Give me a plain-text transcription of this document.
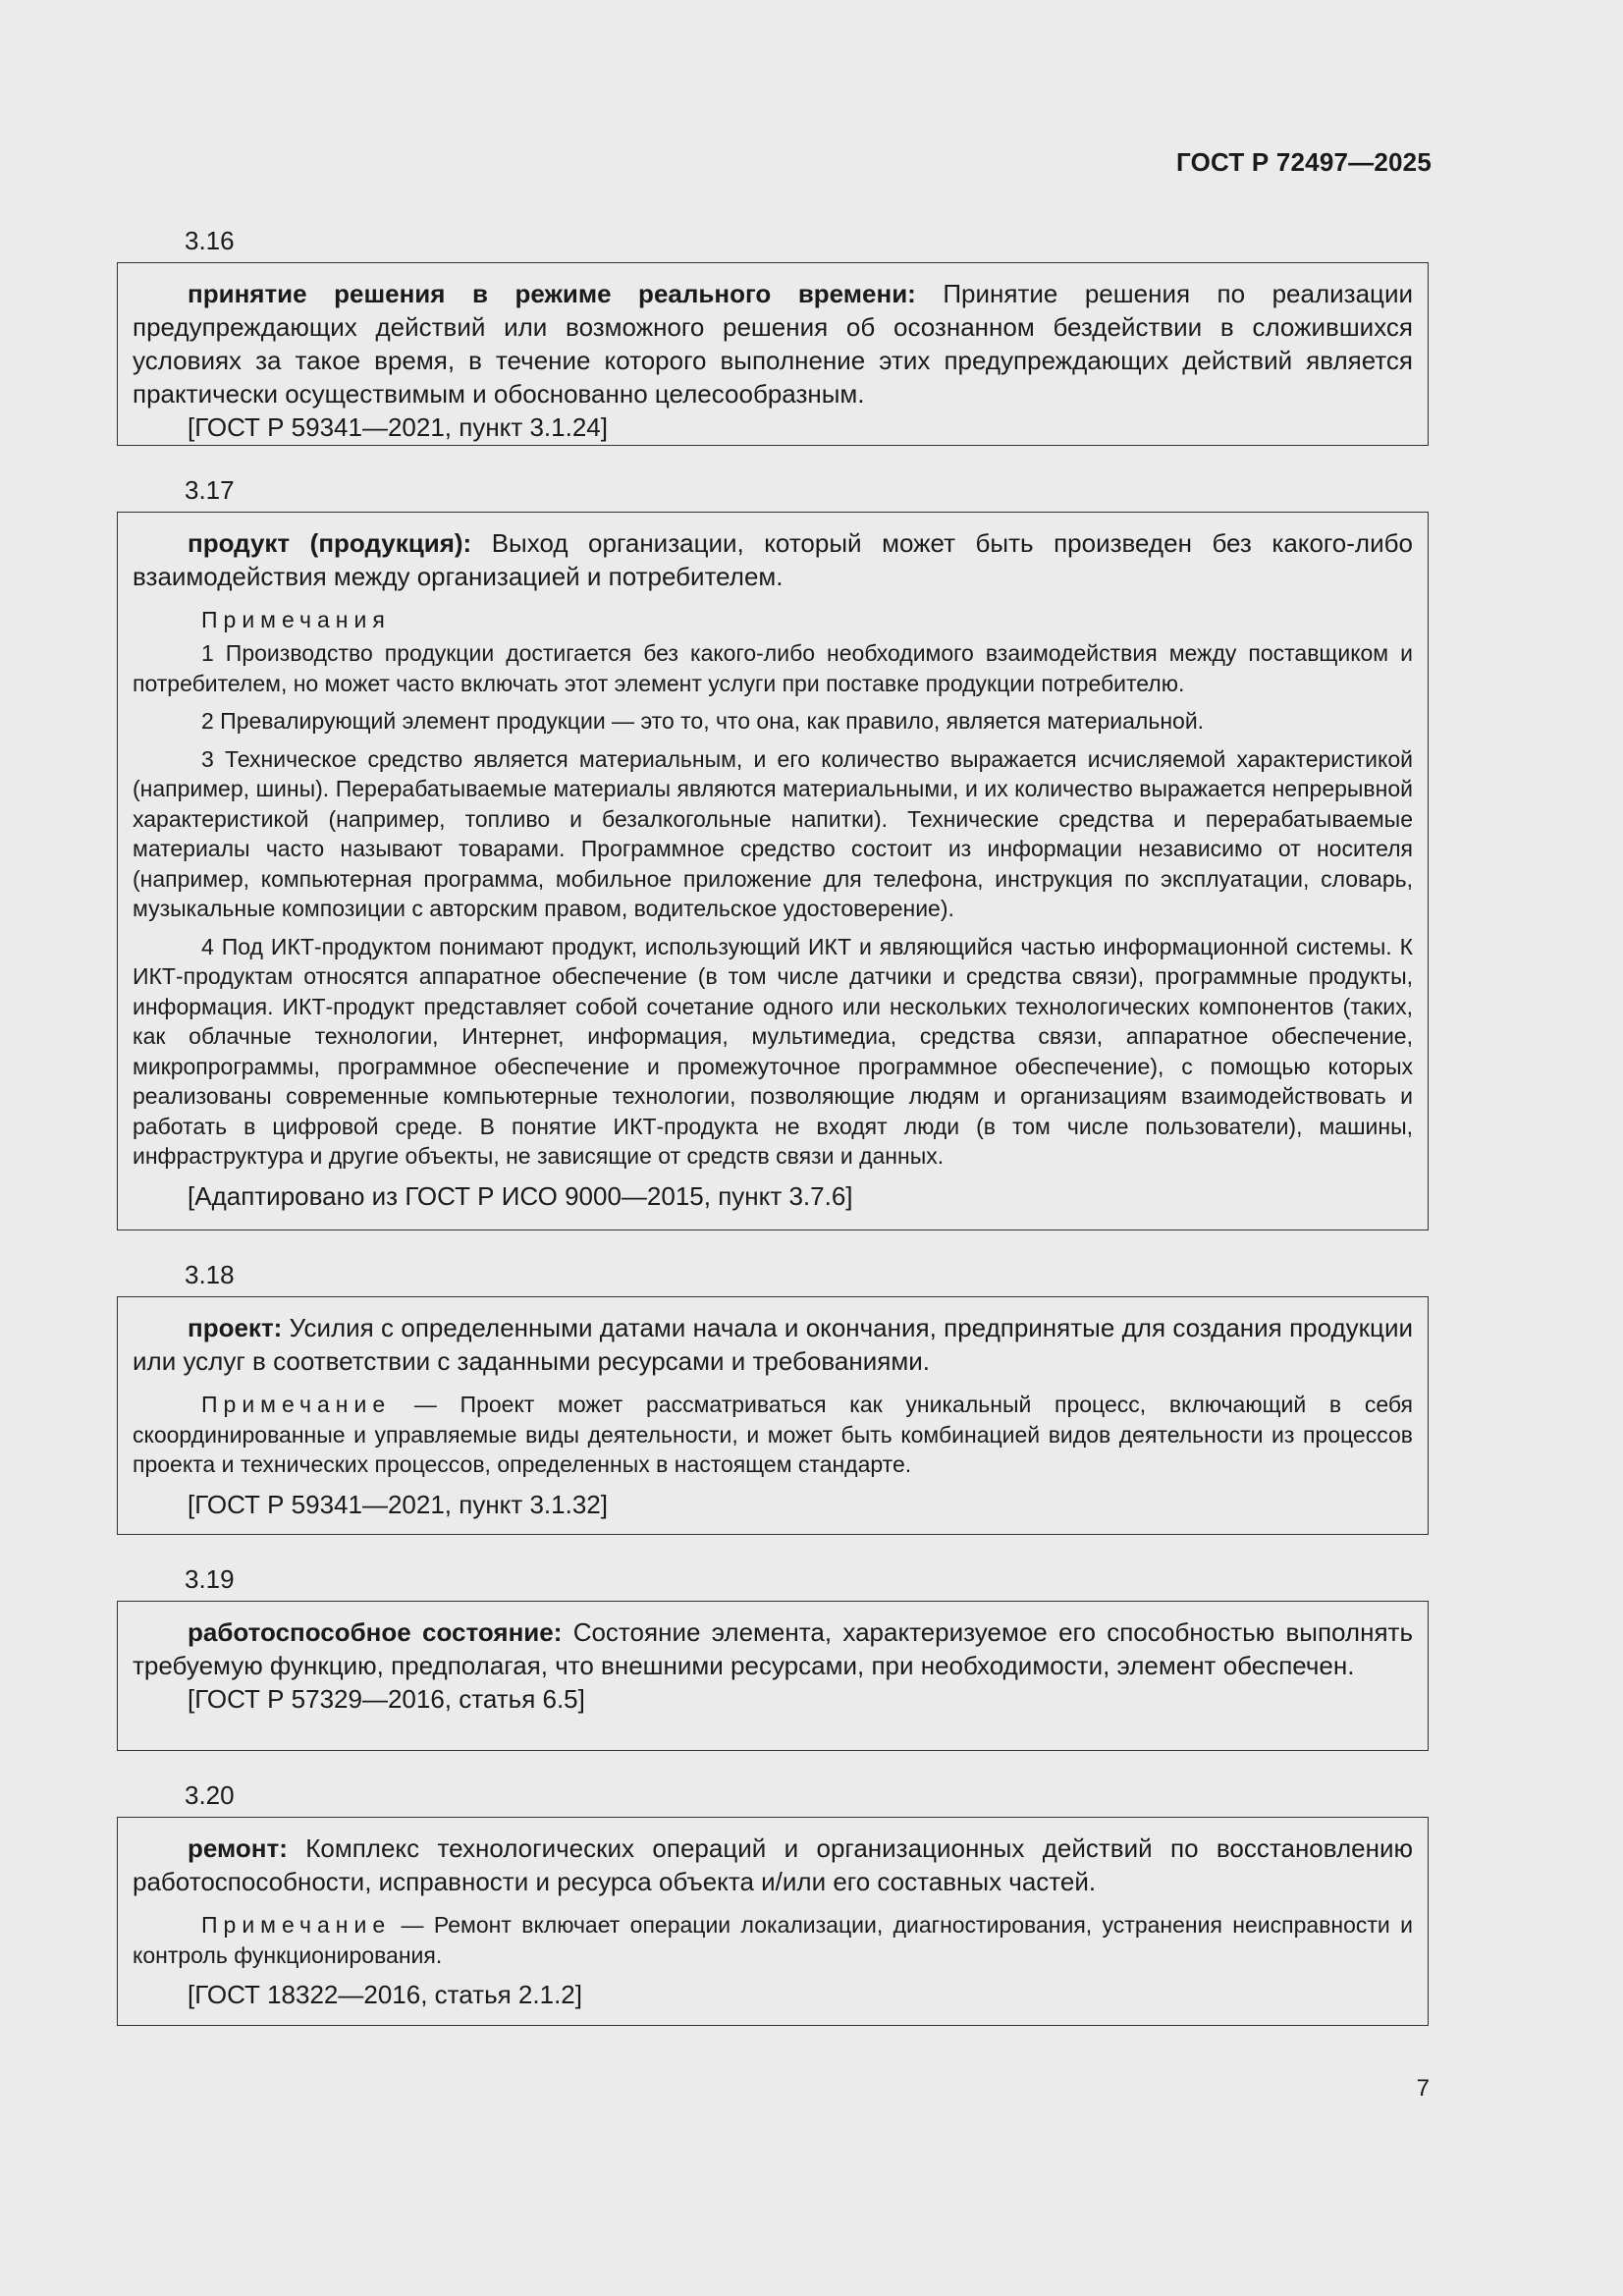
ГОСТ Р 72497—2025
3.16

принятие решения в режиме реального времени: Принятие решения по реализации предупреждающих действий или возможного решения об осознанном бездействии в сложившихся условиях за такое время, в течение которого выполнение этих предупреждающих действий является практически осуществимым и обоснованно целесообразным.

[ГОСТ Р 59341—2021, пункт 3.1.24]

3.17

продукт (продукция): Выход организации, который может быть произведен без какого-либо взаимодействия между организацией и потребителем.

Примечания

1 Производство продукции достигается без какого-либо необходимого взаимодействия между поставщиком и потребителем, но может часто включать этот элемент услуги при поставке продукции потребителю.

2 Превалирующий элемент продукции — это то, что она, как правило, является материальной.

3 Техническое средство является материальным, и его количество выражается исчисляемой характеристикой (например, шины). Перерабатываемые материалы являются материальными, и их количество выражается непрерывной характеристикой (например, топливо и безалкогольные напитки). Технические средства и перерабатываемые материалы часто называют товарами. Программное средство состоит из информации независимо от носителя (например, компьютерная программа, мобильное приложение для телефона, инструкция по эксплуатации, словарь, музыкальные композиции с авторским правом, водительское удостоверение).

4 Под ИКТ-продуктом понимают продукт, использующий ИКТ и являющийся частью информационной системы. К ИКТ-продуктам относятся аппаратное обеспечение (в том числе датчики и средства связи), программные продукты, информация. ИКТ-продукт представляет собой сочетание одного или нескольких технологических компонентов (таких, как облачные технологии, Интернет, информация, мультимедиа, средства связи, аппаратное обеспечение, микропрограммы, программное обеспечение и промежуточное программное обеспечение), с помощью которых реализованы современные компьютерные технологии, позволяющие людям и организациям взаимодействовать и работать в цифровой среде. В понятие ИКТ-продукта не входят люди (в том числе пользователи), машины, инфраструктура и другие объекты, не зависящие от средств связи и данных.

[Адаптировано из ГОСТ Р ИСО 9000—2015, пункт 3.7.6]

3.18

проект: Усилия с определенными датами начала и окончания, предпринятые для создания продукции или услуг в соответствии с заданными ресурсами и требованиями.

Примечание — Проект может рассматриваться как уникальный процесс, включающий в себя скоординированные и управляемые виды деятельности, и может быть комбинацией видов деятельности из процессов проекта и технических процессов, определенных в настоящем стандарте.

[ГОСТ Р 59341—2021, пункт 3.1.32]

3.19

работоспособное состояние: Состояние элемента, характеризуемое его способностью выполнять требуемую функцию, предполагая, что внешними ресурсами, при необходимости, элемент обеспечен.

[ГОСТ Р 57329—2016, статья 6.5]

3.20

ремонт: Комплекс технологических операций и организационных действий по восстановлению работоспособности, исправности и ресурса объекта и/или его составных частей.

Примечание — Ремонт включает операции локализации, диагностирования, устранения неисправности и контроль функционирования.

[ГОСТ 18322—2016, статья 2.1.2]

7
